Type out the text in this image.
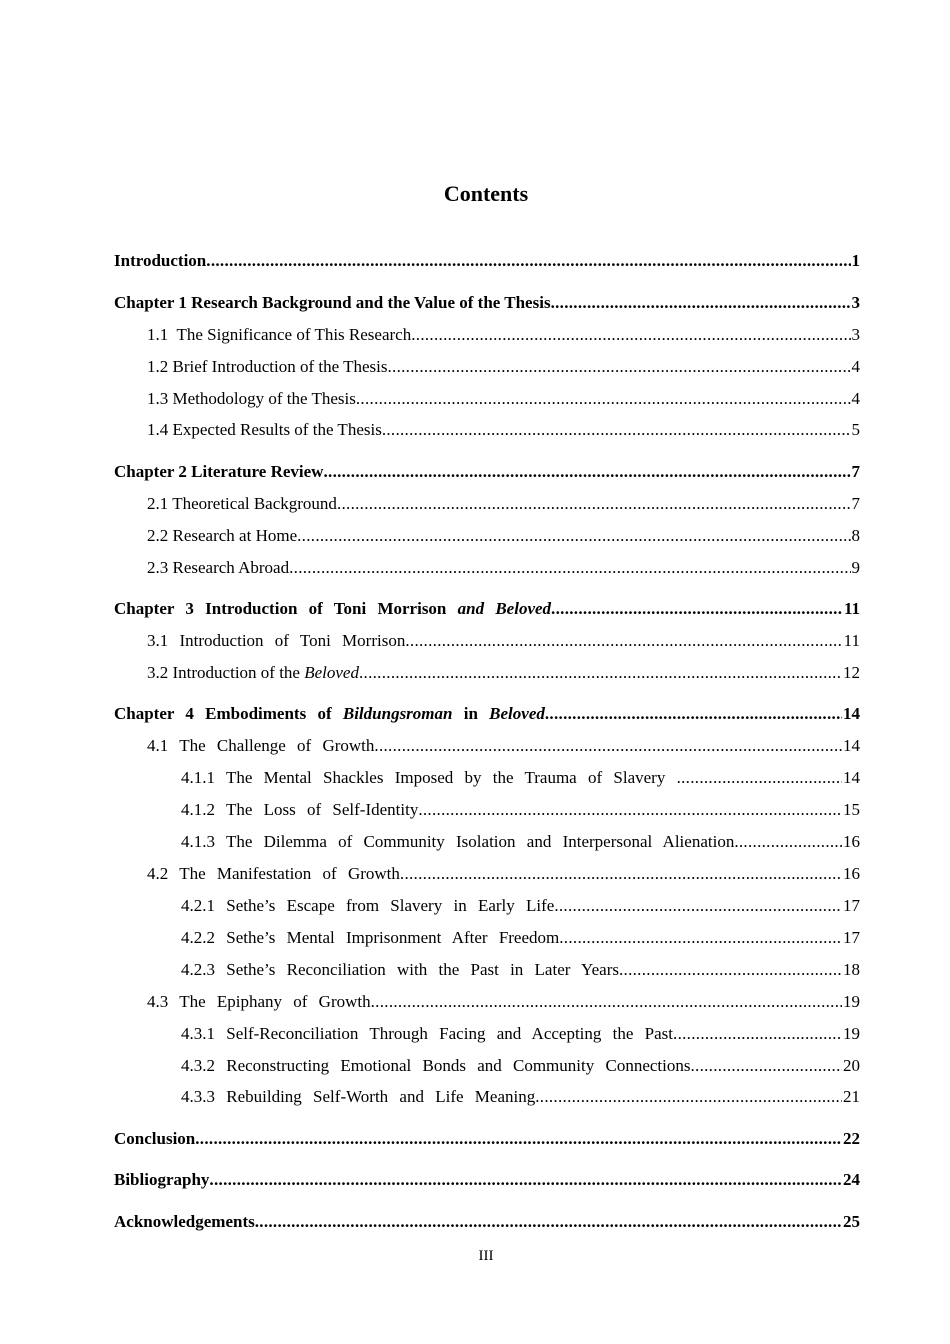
Contents
Introduction .....	1
Chapter 1 Research Background and the Value of the Thesis .....	3
1.1  The Significance of This Research .....	3
1.2 Brief Introduction of the Thesis .....	4
1.3 Methodology of the Thesis .....	4
1.4 Expected Results of the Thesis .....	5
Chapter 2 Literature Review .....	7
2.1 Theoretical Background .....	7
2.2 Research at Home .....	8
2.3 Research Abroad .....	9
Chapter 3 Introduction of Toni Morrison and Beloved .....	11
3.1 Introduction of Toni Morrison .....	11
3.2 Introduction of the Beloved .....	12
Chapter 4 Embodiments of Bildungsroman in Beloved .....	14
4.1 The Challenge of Growth .....	14
4.1.1 The Mental Shackles Imposed by the Trauma of Slavery .....	14
4.1.2 The Loss of Self-Identity .....	15
4.1.3 The Dilemma of Community Isolation and Interpersonal Alienation .....	16
4.2 The Manifestation of Growth .....	16
4.2.1 Sethe’s Escape from Slavery in Early Life .....	17
4.2.2 Sethe’s Mental Imprisonment After Freedom .....	17
4.2.3 Sethe’s Reconciliation with the Past in Later Years .....	18
4.3 The Epiphany of Growth .....	19
4.3.1 Self-Reconciliation Through Facing and Accepting the Past .....	19
4.3.2 Reconstructing Emotional Bonds and Community Connections .....	20
4.3.3 Rebuilding Self-Worth and Life Meaning .....	21
Conclusion .....	22
Bibliography .....	24
Acknowledgements .....	25
III
